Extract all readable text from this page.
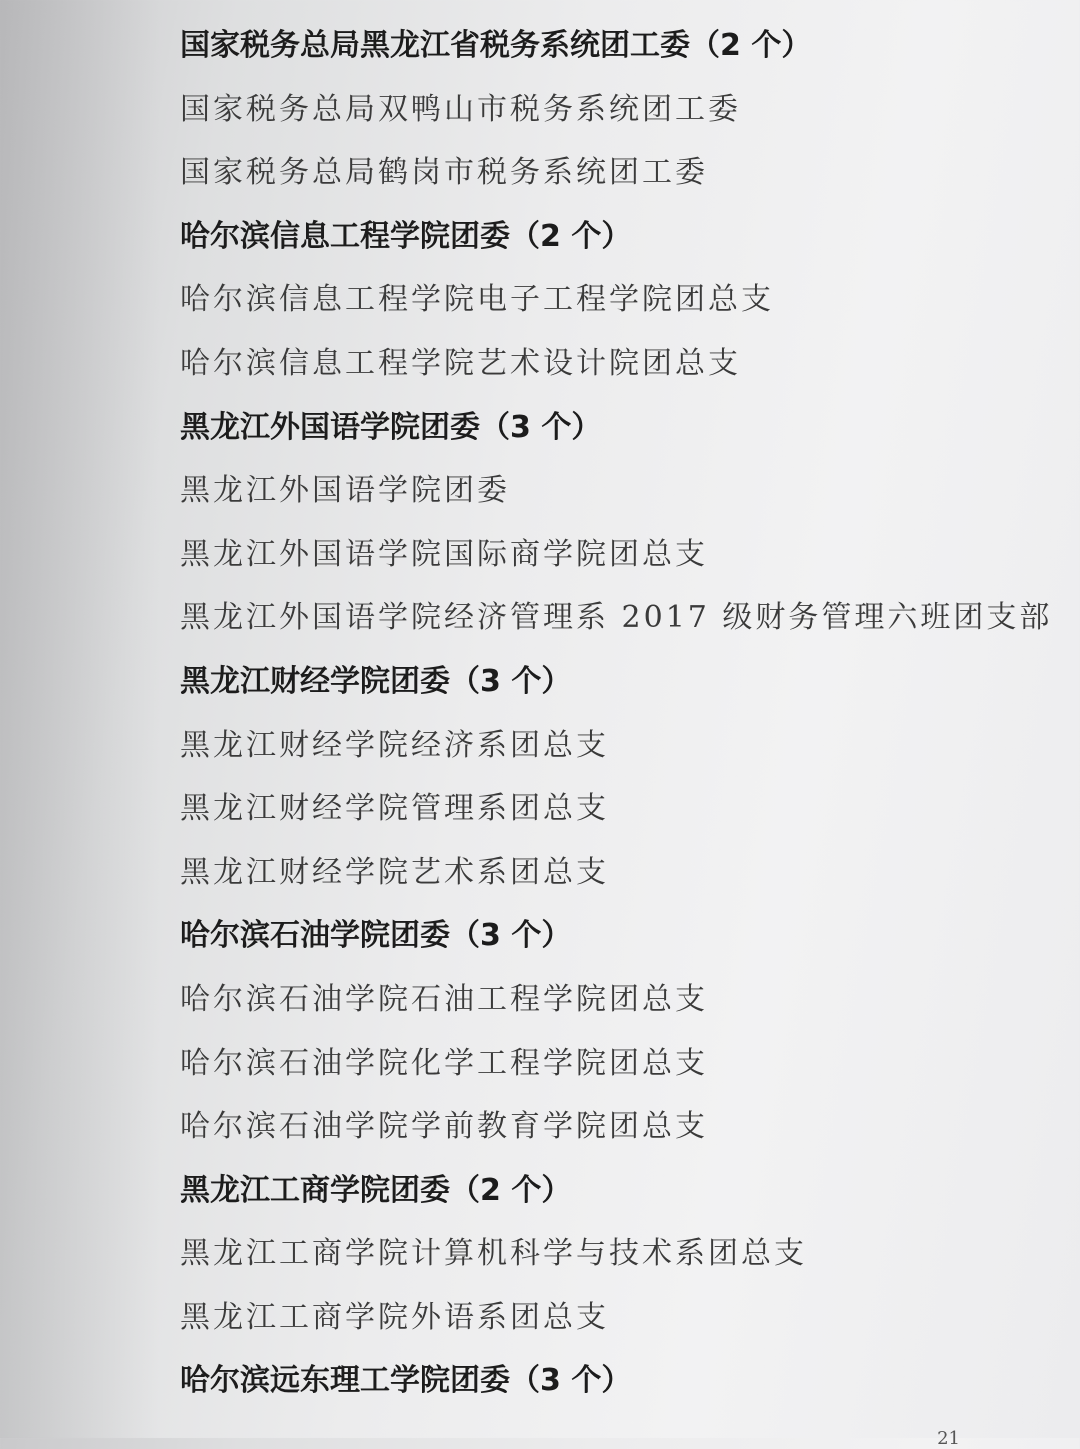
国家税务总局黑龙江省税务系统团工委（2 个）
国家税务总局双鸭山市税务系统团工委
国家税务总局鹤岗市税务系统团工委
哈尔滨信息工程学院团委（2 个）
哈尔滨信息工程学院电子工程学院团总支
哈尔滨信息工程学院艺术设计院团总支
黑龙江外国语学院团委（3 个）
黑龙江外国语学院团委
黑龙江外国语学院国际商学院团总支
黑龙江外国语学院经济管理系 2017 级财务管理六班团支部
黑龙江财经学院团委（3 个）
黑龙江财经学院经济系团总支
黑龙江财经学院管理系团总支
黑龙江财经学院艺术系团总支
哈尔滨石油学院团委（3 个）
哈尔滨石油学院石油工程学院团总支
哈尔滨石油学院化学工程学院团总支
哈尔滨石油学院学前教育学院团总支
黑龙江工商学院团委（2 个）
黑龙江工商学院计算机科学与技术系团总支
黑龙江工商学院外语系团总支
哈尔滨远东理工学院团委（3 个）
21
